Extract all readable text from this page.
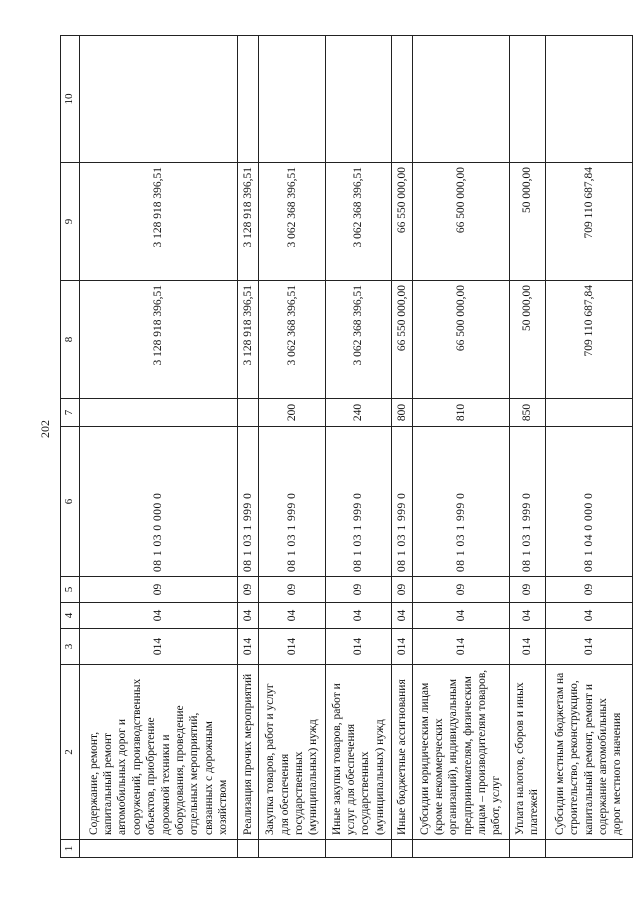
202
1	2	3	4	5	6	7	8	9	10
	Содержание, ремонт, капитальный ремонт автомобильных дорог и сооружений, производственных объектов, приобретение дорожной техники и оборудования, проведение отдельных мероприятий, связанных с дорожным хозяйством	014	04	09	08 1 03 0 000 0		3 128 918 396,51	3 128 918 396,51	
	Реализация прочих мероприятий	014	04	09	08 1 03 1 999 0		3 128 918 396,51	3 128 918 396,51	
	Закупка товаров, работ и услуг для обеспечения государственных (муниципальных) нужд	014	04	09	08 1 03 1 999 0	200	3 062 368 396,51	3 062 368 396,51	
	Иные закупки товаров, работ и услуг для обеспечения государственных (муниципальных) нужд	014	04	09	08 1 03 1 999 0	240	3 062 368 396,51	3 062 368 396,51	
	Иные бюджетные ассигнования	014	04	09	08 1 03 1 999 0	800	66 550 000,00	66 550 000,00	
	Субсидии юридическим лицам (кроме некоммерческих организаций), индивидуальным предпринимателям, физическим лицам – производителям товаров, работ, услуг	014	04	09	08 1 03 1 999 0	810	66 500 000,00	66 500 000,00	
	Уплата налогов, сборов и иных платежей	014	04	09	08 1 03 1 999 0	850	50 000,00	50 000,00	
	Субсидии местным бюджетам на строительство, реконструкцию, капитальный ремонт, ремонт и содержание автомобильных дорог местного значения	014	04	09	08 1 04 0 000 0		709 110 687,84	709 110 687,84	
